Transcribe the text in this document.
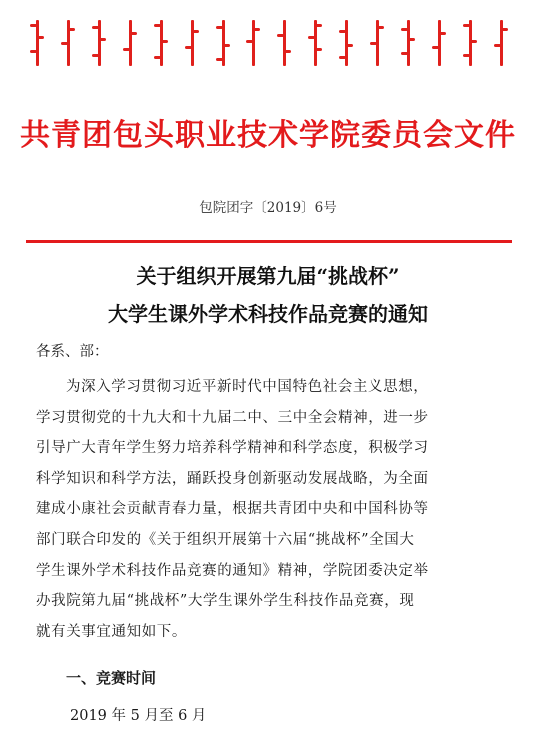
共青团包头职业技术学院委员会文件
包院团字〔2019〕6号
关于组织开展第九届“挑战杯”
大学生课外学术科技作品竞赛的通知
各系、部：
为深入学习贯彻习近平新时代中国特色社会主义思想，
学习贯彻党的十九大和十九届二中、三中全会精神，进一步
引导广大青年学生努力培养科学精神和科学态度，积极学习
科学知识和科学方法，踊跃投身创新驱动发展战略，为全面
建成小康社会贡献青春力量，根据共青团中央和中国科协等
部门联合印发的《关于组织开展第十六届“挑战杯”全国大
学生课外学术科技作品竞赛的通知》精神，学院团委决定举
办我院第九届“挑战杯”大学生课外学生科技作品竞赛，现
就有关事宜通知如下。
一、竞赛时间
2019 年 5 月至 6 月
